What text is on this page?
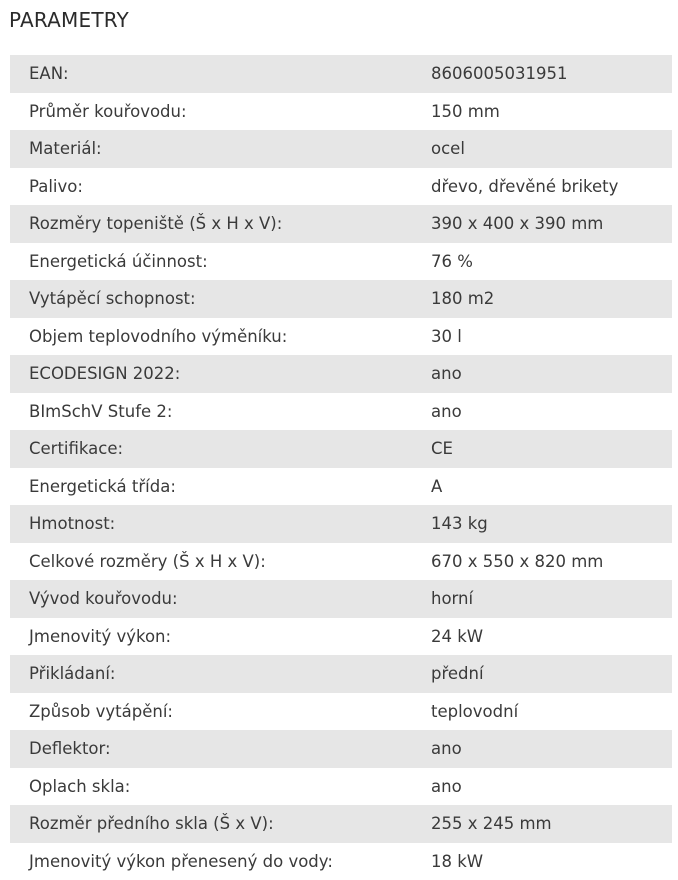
PARAMETRY
EAN:	8606005031951
Průměr kouřovodu:	150 mm
Materiál:	ocel
Palivo:	dřevo, dřevěné brikety
Rozměry topeniště (Š x H x V):	390 x 400 x 390 mm
Energetická účinnost:	76 %
Vytápěcí schopnost:	180 m2
Objem teplovodního výměníku:	30 l
ECODESIGN 2022:	ano
BImSchV Stufe 2:	ano
Certifikace:	CE
Energetická třída:	A
Hmotnost:	143 kg
Celkové rozměry (Š x H x V):	670 x 550 x 820 mm
Vývod kouřovodu:	horní
Jmenovitý výkon:	24 kW
Přikládaní:	přední
Způsob vytápění:	teplovodní
Deflektor:	ano
Oplach skla:	ano
Rozměr předního skla (Š x V):	255 x 245 mm
Jmenovitý výkon přenesený do vody:	18 kW
